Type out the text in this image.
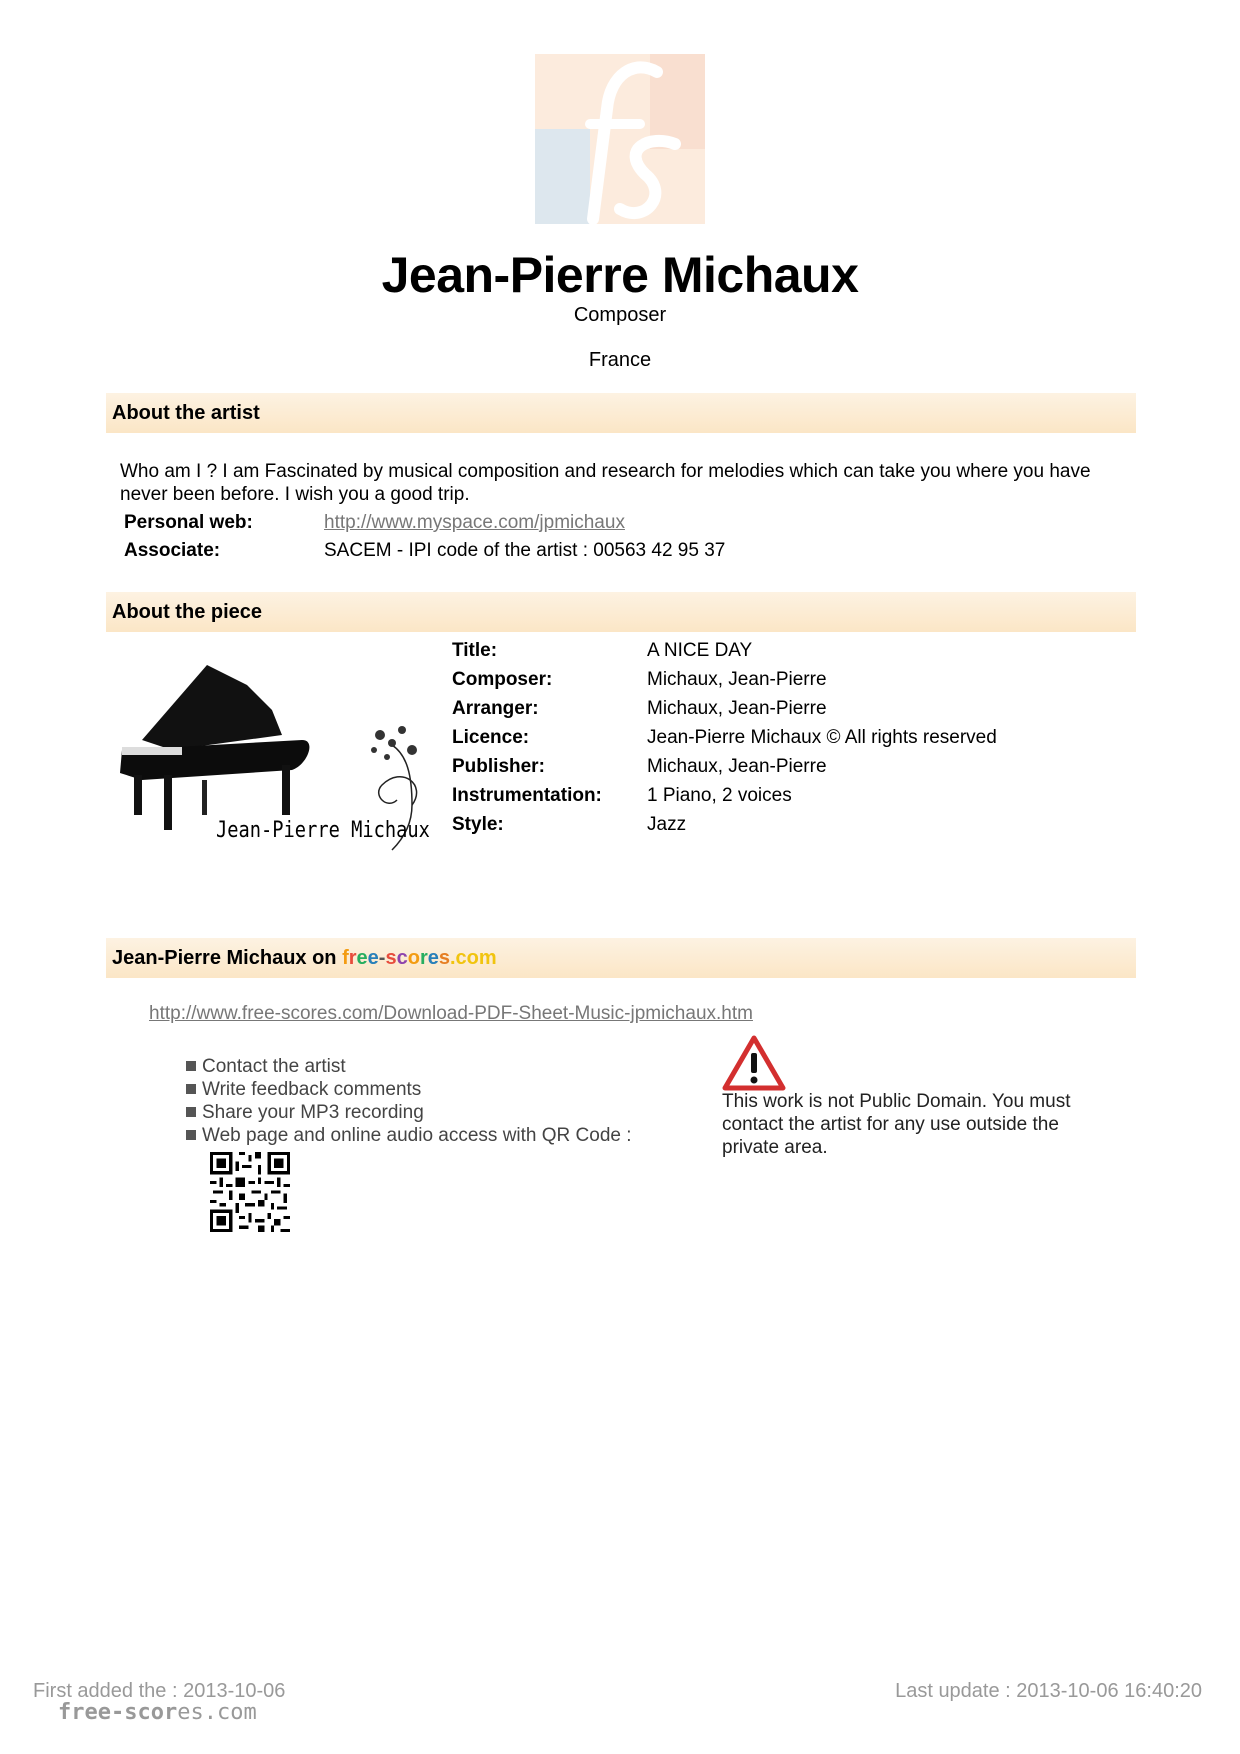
Jean-Pierre Michaux
Composer
France
About the artist
Who am I ? I am Fascinated by musical composition and research for melodies which can take you where you have never been before. I wish you a good trip.
Personal web:	http://www.myspace.com/jpmichaux
Associate:	SACEM - IPI code of the artist : 00563 42 95 37
About the piece
Jean-Pierre Michaux
Jean-Pierre Michaux on free-scores.com
http://www.free-scores.com/Download-PDF-Sheet-Music-jpmichaux.htm
Contact the artist
Write feedback comments
Share your MP3 recording
Web page and online audio access with QR Code :
This work is not Public Domain. You must contact the artist for any use outside the private area.
First added the : 2013-10-06
free-scores.com
Last update : 2013-10-06 16:40:20
Title:	A NICE DAY
Composer:	Michaux, Jean-Pierre
Arranger:	Michaux, Jean-Pierre
Licence:	Jean-Pierre Michaux © All rights reserved
Publisher:	Michaux, Jean-Pierre
Instrumentation: 1 Piano, 2 voices
Style:	Jazz
